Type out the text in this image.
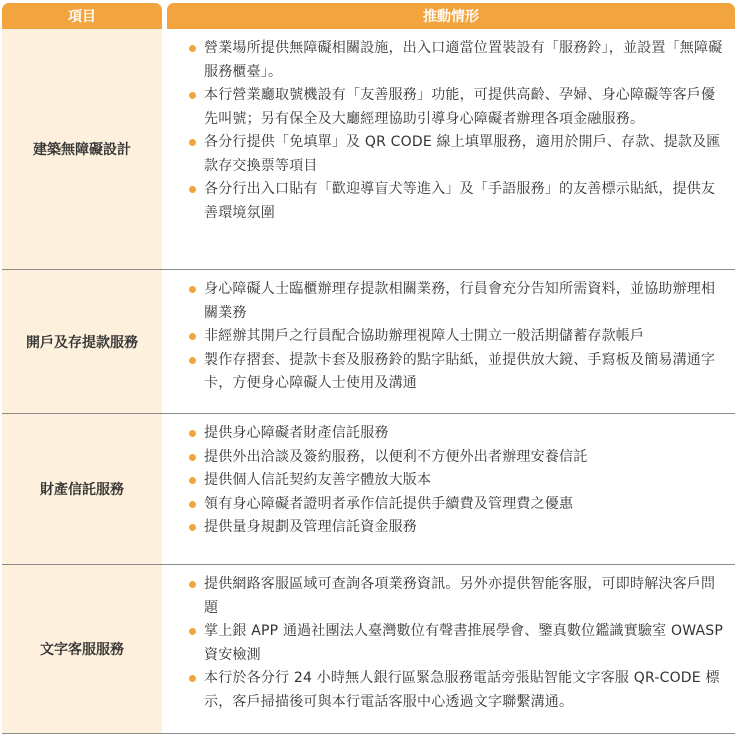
項目	推動情形
建築無障礙設計
營業場所提供無障礙相關設施，出入口適當位置裝設有「服務鈴」，並設置「無障礙服務櫃臺」。
本行營業廳取號機設有「友善服務」功能，可提供高齡、孕婦、身心障礙等客戶優先叫號；另有保全及大廳經理協助引導身心障礙者辦理各項金融服務。
各分行提供「免填單」及 QR CODE 線上填單服務，適用於開戶、存款、提款及匯款存交換票等項目
各分行出入口貼有「歡迎導盲犬等進入」及「手語服務」的友善標示貼紙，提供友善環境氛圍
開戶及存提款服務
身心障礙人士臨櫃辦理存提款相關業務，行員會充分告知所需資料，並協助辦理相關業務
非經辦其開戶之行員配合協助辦理視障人士開立一般活期儲蓄存款帳戶
製作存摺套、提款卡套及服務鈴的點字貼紙，並提供放大鏡、手寫板及簡易溝通字卡，方便身心障礙人士使用及溝通
財產信託服務
提供身心障礙者財產信託服務
提供外出洽談及簽約服務，以便利不方便外出者辦理安養信託
提供個人信託契約友善字體放大版本
領有身心障礙者證明者承作信託提供手續費及管理費之優惠
提供量身規劃及管理信託資金服務
文字客服服務
提供網路客服區域可查詢各項業務資訊。另外亦提供智能客服，可即時解決客戶問題
掌上銀 APP 通過社團法人臺灣數位有聲書推展學會、鑒真數位鑑識實驗室 OWASP 資安檢測
本行於各分行 24 小時無人銀行區緊急服務電話旁張貼智能文字客服 QR-CODE 標示，客戶掃描後可與本行電話客服中心透過文字聯繫溝通。
